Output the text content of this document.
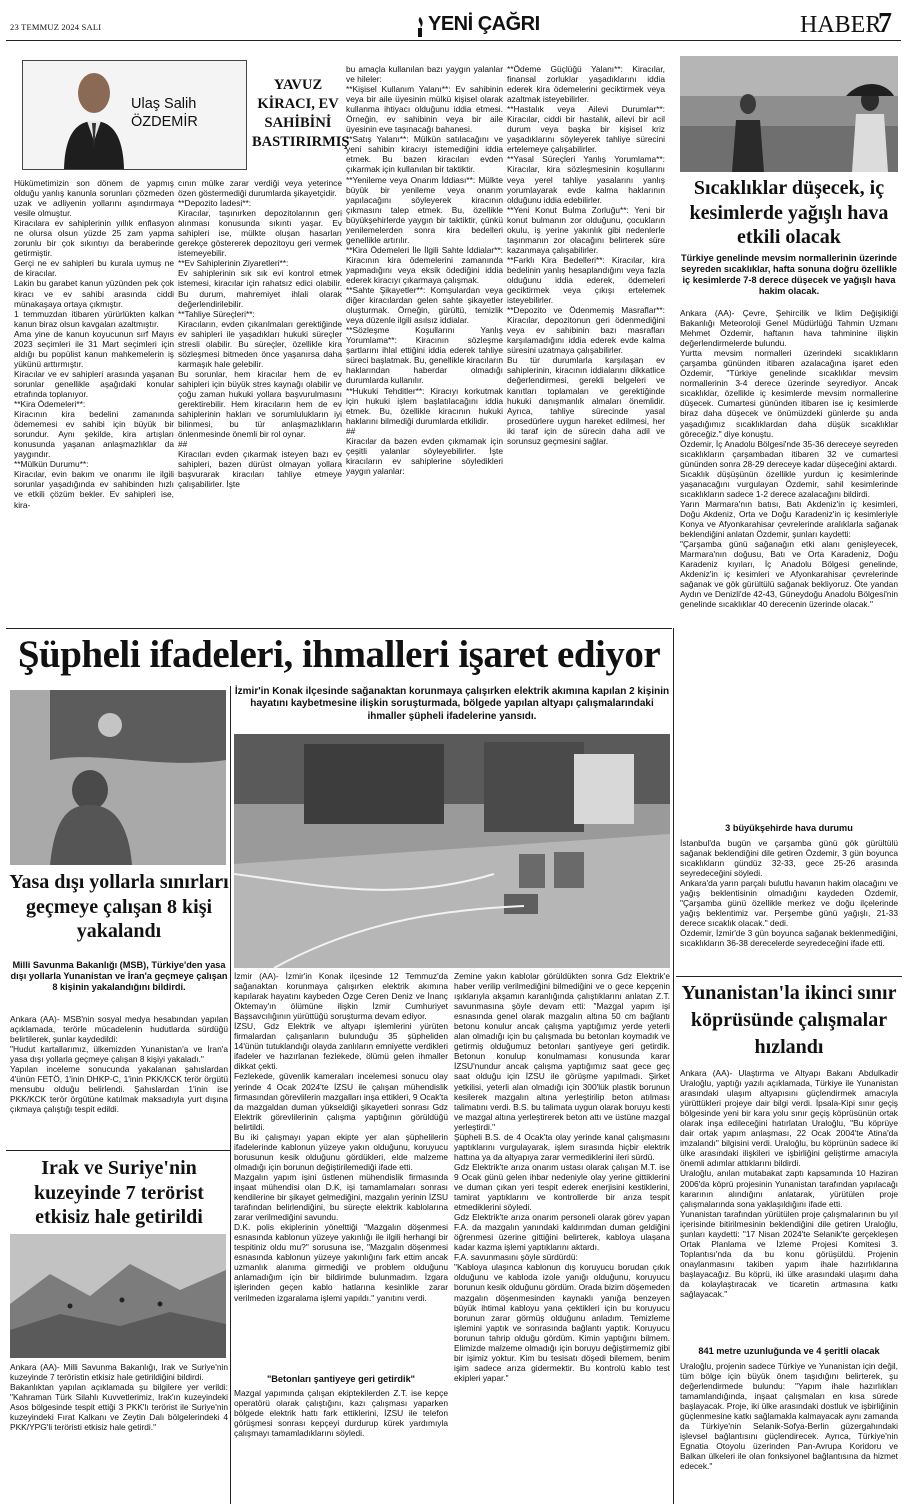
23 TEMMUZ 2024 SALI	YENİ ÇAĞRI	HABER
7
Ulaş Salih ÖZDEMİR
YAVUZ KİRACI, EV SAHİBİNİ BASTIRIRMIŞ
Hükümetimizin son dönem de yapmış olduğu yanlış kanunla sorunları çözmeden uzak ve adliyenin yollarını aşındırmaya vesile olmuştur.
Kiracılara ev sahiplerinin yıllık enflasyon ne olursa olsun yüzde 25 zam yapma zorunlu bir çok sıkıntıyı da beraberinde getirmiştir.
Gerçi ne ev sahipleri bu kurala uymuş ne de kiracılar.
Lakin bu garabet kanun yüzünden pek çok kiracı ve ev sahibi arasında ciddi münakaşaya ortaya çıkmıştır.
1 temmuzdan itibaren yürürlükten kalkan kanun biraz olsun kavgaları azaltmıştır.
Ama yine de kanun koyucunun sırf Mayıs 2023 seçimleri ile 31 Mart seçimleri için aldığı bu popülist kanun mahkemelerin iş yükünü arttırmıştır.
Kiracılar ve ev sahipleri arasında yaşanan sorunlar genellikle aşağıdaki konular etrafında toplanıyor.
**Kira Ödemeleri**:
Kiracının kira bedelini zamanında ödememesi ev sahibi için büyük bir sorundur. Aynı şekilde, kira artışları konusunda yaşanan anlaşmazlıklar da yaygındır.
**Mülkün Durumu**:
Kiracılar, evin bakım ve onarımı ile ilgili sorunlar yaşadığında ev sahibinden hızlı ve etkili çözüm bekler. Ev sahipleri ise, kira-
cının mülke zarar verdiği veya yeterince özen göstermediği durumlarda şikayetçidir.
**Depozito İadesi**:
Kiracılar, taşınırken depozitolarının geri alınması konusunda sıkıntı yaşar. Ev sahipleri ise, mülkte oluşan hasarları gerekçe göstererek depozitoyu geri vermek istemeyebilir.
**Ev Sahiplerinin Ziyaretleri**:
Ev sahiplerinin sık sık evi kontrol etmek istemesi, kiracılar için rahatsız edici olabilir. Bu durum, mahremiyet ihlali olarak değerlendirilebilir.
**Tahliye Süreçleri**:
Kiracıların, evden çıkarılmaları gerektiğinde ev sahipleri ile yaşadıkları hukuki süreçler stresli olabilir. Bu süreçler, özellikle kira sözleşmesi bitmeden önce yaşanırsa daha karmaşık hale gelebilir.
Bu sorunlar, hem kiracılar hem de ev sahipleri için büyük stres kaynağı olabilir ve çoğu zaman hukuki yollara başvurulmasını gerektirebilir. Hem kiracıların hem de ev sahiplerinin hakları ve sorumlulukların iyi bilinmesi, bu tür anlaşmazlıkların önlenmesinde önemli bir rol oynar.
##
Kiracıları evden çıkarmak isteyen bazı ev sahipleri, bazen dürüst olmayan yollara başvurarak kiracıları tahliye etmeye çalışabilirler. İşte
bu amaçla kullanılan bazı yaygın yalanlar ve hileler:
**Kişisel Kullanım Yalanı**: Ev sahibinin veya bir aile üyesinin mülkü kişisel olarak kullanma ihtiyacı olduğunu iddia etmesi. Örneğin, ev sahibinin veya bir aile üyesinin eve taşınacağı bahanesi.
**Satış Yalanı**: Mülkün satılacağını ve yeni sahibin kiracıyı istemediğini iddia etmek. Bu bazen kiracıları evden çıkarmak için kullanılan bir taktiktir.
**Yenileme veya Onarım İddiası**: Mülkte büyük bir yenileme veya onarım yapılacağını söyleyerek kiracının çıkmasını talep etmek. Bu, özellikle büyükşehirlerde yaygın bir taktiktir, çünkü yenilemelerden sonra kira bedelleri genellikle artırılır.
**Kira Ödemeleri İle İlgili Sahte İddialar**: Kiracının kira ödemelerini zamanında yapmadığını veya eksik ödediğini iddia ederek kiracıyı çıkarmaya çalışmak.
**Sahte Şikayetler**: Komşulardan veya diğer kiracılardan gelen sahte şikayetler oluşturmak. Örneğin, gürültü, temizlik veya düzenle ilgili asılsız iddialar.
**Sözleşme Koşullarını Yanlış Yorumlama**: Kiracının sözleşme şartlarını ihlal ettiğini iddia ederek tahliye süreci başlatmak. Bu, genellikle kiracıların haklarından haberdar olmadığı durumlarda kullanılır.
**Hukuki Tehditler**: Kiracıyı korkutmak için hukuki işlem başlatılacağını iddia etmek. Bu, özellikle kiracının hukuki haklarını bilmediği durumlarda etkilidir.
##
Kiracılar da bazen evden çıkmamak için çeşitli yalanlar söyleyebilirler. İşte kiracıların ev sahiplerine söyledikleri yaygın yalanlar:
**Ödeme Güçlüğü Yalanı**: Kiracılar, finansal zorluklar yaşadıklarını iddia ederek kira ödemelerini geciktirmek veya azaltmak isteyebilirler.
**Hastalık veya Ailevi Durumlar**: Kiracılar, ciddi bir hastalık, ailevi bir acil durum veya başka bir kişisel kriz yaşadıklarını söyleyerek tahliye sürecini ertelemeye çalışabilirler.
**Yasal Süreçleri Yanlış Yorumlama**: Kiracılar, kira sözleşmesinin koşullarını veya yerel tahliye yasalarını yanlış yorumlayarak evde kalma haklarının olduğunu iddia edebilirler.
**Yeni Konut Bulma Zorluğu**: Yeni bir konut bulmanın zor olduğunu, çocukların okulu, iş yerine yakınlık gibi nedenlerle taşınmanın zor olacağını belirterek süre kazanmaya çalışabilirler.
**Farklı Kira Bedelleri**: Kiracılar, kira bedelinin yanlış hesaplandığını veya fazla olduğunu iddia ederek, ödemeleri geciktirmek veya çıkışı ertelemek isteyebilirler.
**Depozito ve Ödenmemiş Masraflar**: Kiracılar, depozitonun geri ödenmediğini veya ev sahibinin bazı masrafları karşılamadığını iddia ederek evde kalma süresini uzatmaya çalışabilirler.
Bu tür durumlarla karşılaşan ev sahiplerinin, kiracının iddialarını dikkatlice değerlendirmesi, gerekli belgeleri ve kanıtları toplamaları ve gerektiğinde hukuki danışmanlık almaları önemlidir. Ayrıca, tahliye sürecinde yasal prosedürlere uygun hareket edilmesi, her iki taraf için de sürecin daha adil ve sorunsuz geçmesini sağlar.
Sıcaklıklar düşecek, iç kesimlerde yağışlı hava etkili olacak
Türkiye genelinde mevsim normallerinin üzerinde seyreden sıcaklıklar, hafta sonuna doğru özellikle iç kesimlerde 7-8 derece düşecek ve yağışlı hava hakim olacak.
Ankara (AA)- Çevre, Şehircilik ve İklim Değişikliği Bakanlığı Meteoroloji Genel Müdürlüğü Tahmin Uzmanı Mehmet Özdemir, haftanın hava tahminine ilişkin değerlendirmelerde bulundu.
Yurtta mevsim normalleri üzerindeki sıcaklıkların çarşamba gününden itibaren azalacağına işaret eden Özdemir, "Türkiye genelinde sıcaklıklar mevsim normallerinin 3-4 derece üzerinde seyrediyor. Ancak sıcaklıklar, özellikle iç kesimlerde mevsim normallerine düşecek. Cumartesi gününden itibaren ise iç kesimlerde biraz daha düşecek ve önümüzdeki günlerde şu anda yaşadığımız sıcaklıklardan daha düşük sıcaklıklar göreceğiz." diye konuştu.
Özdemir, İç Anadolu Bölgesi'nde 35-36 dereceye seyreden sıcaklıkların çarşambadan itibaren 32 ve cumartesi gününden sonra 28-29 dereceye kadar düşeceğini aktardı.
Sıcaklık düşüşünün özellikle yurdun iç kesimlerinde yaşanacağını vurgulayan Özdemir, sahil kesimlerinde sıcaklıkların sadece 1-2 derece azalacağını bildirdi.
Yarın Marmara'nın batısı, Batı Akdeniz'in iç kesimleri, Doğu Akdeniz, Orta ve Doğu Karadeniz'in iç kesimleriyle Konya ve Afyonkarahisar çevrelerinde aralıklarla sağanak beklendiğini anlatan Özdemir, şunları kaydetti:
"Çarşamba günü sağanağın etki alanı genişleyecek, Marmara'nın doğusu, Batı ve Orta Karadeniz, Doğu Karadeniz kıyıları, İç Anadolu Bölgesi genelinde, Akdeniz'in iç kesimleri ve Afyonkarahisar çevrelerinde sağanak ve gök gürültülü sağanak bekliyoruz. Öte yandan Aydın ve Denizli'de 42-43, Güneydoğu Anadolu Bölgesi'nin genelinde sıcaklıklar 40 derecenin üzerinde olacak."
3 büyükşehirde hava durumu
İstanbul'da bugün ve çarşamba günü gök gürültülü sağanak beklendiğini dile getiren Özdemir, 3 gün boyunca sıcaklıkların gündüz 32-33, gece 25-26 arasında seyredeceğini söyledi.
Ankara'da yarın parçalı bulutlu havanın hakim olacağını ve yağış beklentisinin olmadığını kaydeden Özdemir, "Çarşamba günü özellikle merkez ve doğu ilçelerinde yağış beklentimiz var. Perşembe günü yağışlı, 21-33 derece sıcaklık olacak." dedi.
Özdemir, İzmir'de 3 gün boyunca sağanak beklenmediğini, sıcaklıkların 36-38 derecelerde seyredeceğini ifade etti.
Şüpheli ifadeleri, ihmalleri işaret ediyor
İzmir'in Konak ilçesinde sağanaktan korunmaya çalışırken elektrik akımına kapılan 2 kişinin hayatını kaybetmesine ilişkin soruşturmada, bölgede yapılan altyapı çalışmalarındaki ihmaller şüpheli ifadelerine yansıdı.
İzmir (AA)- İzmir'in Konak ilçesinde 12 Temmuz'da sağanaktan korunmaya çalışırken elektrik akımına kapılarak hayatını kaybeden Özge Ceren Deniz ve İnanç Öktemay'ın ölümüne ilişkin İzmir Cumhuriyet Başsavcılığının yürüttüğü soruşturma devam ediyor.
İZSU, Gdz Elektrik ve altyapı işlemlerini yürüten firmalardan çalışanların bulunduğu 35 şüpheliden 14'ünün tutuklandığı olayda zanlıların emniyette verdikleri ifadeler ve hazırlanan fezlekede, ölümü gelen ihmaller dikkat çekti.
Fezlekede, güvenlik kameraları incelemesi sonucu olay yerinde 4 Ocak 2024'te İZSU ile çalışan mühendislik firmasından görevlilerin mazgalları inşa ettikleri, 9 Ocak'ta da mazgaldan duman yükseldiği şikayetleri sonrası Gdz Elektrik görevlilerinin çalışma yaptığının görüldüğü belirtildi.
Bu iki çalışmayı yapan ekipte yer alan şüphelilerin ifadelerinde kablonun yüzeye yakın olduğunu, koruyucu borusunun kesik olduğunu gördükleri, elde malzeme olmadığı için borunun değiştirilemediği ifade etti.
Mazgalın yapım işini üstlenen mühendislik firmasında inşaat mühendisi olan D.K, işi tamamlamaları sonrası kendilerine bir şikayet gelmediğini, mazgalın yerinin İZSU tarafından belirlendiğini, bu süreçte elektrik kablolarına zarar verilmediğini savundu.
D.K. polis ekiplerinin yönelttiği "Mazgalın döşenmesi esnasında kablonun yüzeye yakınlığı ile ilgili herhangi bir tespitiniz oldu mu?" sorusuna ise, "Mazgalın döşenmesi esnasında kablonun yüzeye yakınlığını fark ettim ancak uzmanlık alanıma girmediği ve problem olduğunu anlamadığım için bir bildirimde bulunmadım. İzgara işlerinden geçen kablo hatlarına kesinlikle zarar verilmeden izgaralama işlemi yapıldı." yanıtını verdi.
"Betonları şantiyeye geri getirdik"
Mazgal yapımında çalışan ekiptekilerden Z.T. ise kepçe operatörü olarak çalıştığını, kazı çalışması yaparken bölgede elektrik hattı fark ettiklerini, İZSU ile telefon görüşmesi sonrası kepçeyi durdurup kürek yardımıyla çalışmayı tamamladıklarını söyledi.
Zemine yakın kablolar görüldükten sonra Gdz Elektrik'e haber verilip verilmediğini bilmediğini ve o gece kepçenin ışıklarıyla akşamın karanlığında çalıştıklarını anlatan Z.T. savunmasına şöyle devam etti: "Mazgal yapım işi esnasında genel olarak mazgalın altına 50 cm bağlantı betonu konulur ancak çalışma yaptığımız yerde yeterli alan olmadığı için bu çalışmada bu betonları koymadık ve getirmiş olduğumuz betonları şantiyeye geri getirdik. Betonun konulup konulmaması konusunda karar İZSU'nundur ancak çalışma yaptığımız saat gece geç saat olduğu için İZSU ile görüşme yapılmadı. Şirket yetkilisi, yeterli alan olmadığı için 300'lük plastik borunun kesilerek mazgalın altına yerleştirilip beton atılması talimatını verdi. B.S. bu talimata uygun olarak boruyu kesti ve mazgal altına yerleştirerek beton attı ve üstüne mazgal yerleştirdi."
Şüpheli B.S. de 4 Ocak'ta olay yerinde kanal çalışmasını yaptıklarını vurgulayarak, işlem sırasında hiçbir elektrik hattına ya da altyapıya zarar vermediklerini ileri sürdü.
Gdz Elektrik'te arıza onarım ustası olarak çalışan M.T. ise 9 Ocak günü gelen ihbar nedeniyle olay yerine gittiklerini ve duman çıkan yeri tespit ederek enerjisini kestiklerini, tamirat yaptıklarını ve kontrollerde bir arıza tespit etmediklerini söyledi.
Gdz Elektrik'te arıza onarım personeli olarak görev yapan F.A. da mazgalın yanındaki kaldırımdan duman geldiğini öğrenmesi üzerine gittiğini belirterek, kabloya ulaşana kadar kazma işlemi yaptıklarını aktardı.
F.A. savunmasını şöyle sürdürdü:
"Kabloya ulaşınca kablonun dış koruyucu borudan çıkık olduğunu ve kabloda izole yanığı olduğunu, koruyucu borunun kesik olduğunu gördüm. Orada bizim döşemeden mazgalın döşenmesinden kaynaklı yanığa benzeyen büyük ihtimal kabloyu yana çektikleri için bu koruyucu borunun zarar görmüş olduğunu anladım. Temizleme işlemini yaptık ve sonrasında bağlantı yaptık. Koruyucu borunun tahrip olduğu gördüm. Kimin yaptığını bilmem. Elimizde malzeme olmadığı için boruyu değiştirmemiz gibi bir işimiz yoktur. Kim bu tesisatı döşedi bilemem, benim işim sadece arıza gidermektir. Bu kontrolü kablo test ekipleri yapar."
Yasa dışı yollarla sınırları geçmeye çalışan 8 kişi yakalandı
Milli Savunma Bakanlığı (MSB), Türkiye'den yasa dışı yollarla Yunanistan ve İran'a geçmeye çalışan 8 kişinin yakalandığını bildirdi.
Ankara (AA)- MSB'nin sosyal medya hesabından yapılan açıklamada, terörle mücadelenin hudutlarda sürdüğü belirtilerek, şunlar kaydedildi:
"Hudut kartallarımız, ülkemizden Yunanistan'a ve İran'a yasa dışı yollarla geçmeye çalışan 8 kişiyi yakaladı."
Yapılan inceleme sonucunda yakalanan şahıslardan 4'ünün FETÖ, 1'inin DHKP-C, 1'inin PKK/KCK terör örgütü mensubu olduğu belirlendi. Şahıslardan 1'inin ise PKK/KCK terör örgütüne katılmak maksadıyla yurt dışına çıkmaya çalıştığı tespit edildi.
Irak ve Suriye'nin kuzeyinde 7 terörist etkisiz hale getirildi
Ankara (AA)- Milli Savunma Bakanlığı, Irak ve Suriye'nin kuzeyinde 7 teröristin etkisiz hale getirildiğini bildirdi.
Bakanlıktan yapılan açıklamada şu bilgilere yer verildi: "Kahraman Türk Silahlı Kuvvetlerimiz, Irak'ın kuzeyindeki Asos bölgesinde tespit ettiği 3 PKK'lı terörist ile Suriye'nin kuzeyindeki Fırat Kalkanı ve Zeytin Dalı bölgelerindeki 4 PKK/YPG'li teröristi etkisiz hale getirdi."
Yunanistan'la ikinci sınır köprüsünde çalışmalar hızlandı
Ankara (AA)- Ulaştırma ve Altyapı Bakanı Abdulkadir Uraloğlu, yaptığı yazılı açıklamada, Türkiye ile Yunanistan arasındaki ulaşım altyapısını güçlendirmek amacıyla yürüttükleri projeye dair bilgi verdi. İpsala-Kipi sınır geçiş bölgesinde yeni bir kara yolu sınır geçiş köprüsünün ortak olarak inşa edileceğini hatırlatan Uraloğlu, "Bu köprüye dair ortak yapım anlaşması, 22 Ocak 2004'te Atina'da imzalandı" bilgisini verdi. Uraloğlu, bu köprünün sadece iki ülke arasındaki ilişkileri ve işbirliğini geliştirme amacıyla önemli adımlar attıklarını bildirdi.
Uraloğlu, anılan mutabakat zaptı kapsamında 10 Haziran 2006'da köprü projesinin Yunanistan tarafından yapılacağı kararının alındığını anlatarak, yürütülen proje çalışmalarında sona yaklaşıldığını ifade etti.
Yunanistan tarafından yürütülen proje çalışmalarının bu yıl içerisinde bitirilmesinin beklendiğini dile getiren Uraloğlu, şunları kaydetti: "17 Nisan 2024'te Selanik'te gerçekleşen Ortak Planlama ve İzleme Projesi Komitesi 3. Toplantısı'nda da bu konu görüşüldü. Projenin onaylanmasını takiben yapım ihale hazırlıklarına başlayacağız. Bu köprü, iki ülke arasındaki ulaşımı daha da kolaylaştıracak ve ticaretin artmasına katkı sağlayacak."
841 metre uzunluğunda ve 4 şeritli olacak
Uraloğlu, projenin sadece Türkiye ve Yunanistan için değil, tüm bölge için büyük önem taşıdığını belirterek, şu değerlendirmede bulundu: "Yapım ihale hazırlıkları tamamlandığında, inşaat çalışmaları en kısa sürede başlayacak. Proje, iki ülke arasındaki dostluk ve işbirliğinin güçlenmesine katkı sağlamakla kalmayacak aynı zamanda da Türkiye'nin Selanik-Sofya-Berlin güzergahındaki işlevsel bağlantısını güçlendirecek. Ayrıca, Türkiye'nin Egnatia Otoyolu üzerinden Pan-Avrupa Koridoru ve Balkan ülkeleri ile olan fonksiyonel bağlantısına da hizmet edecek."
